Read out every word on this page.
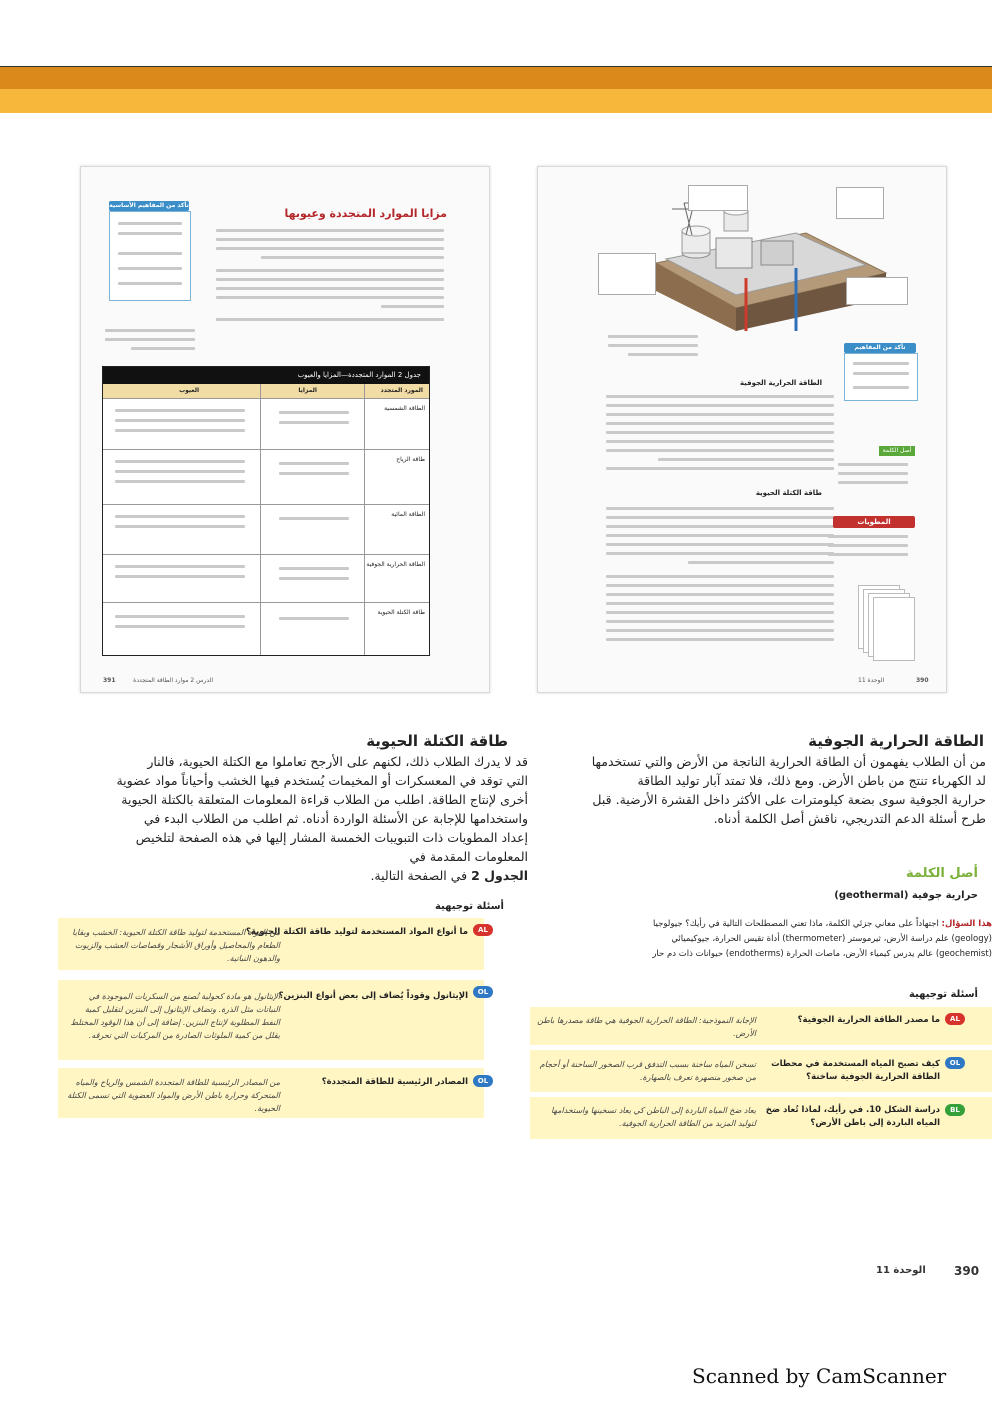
مزايا الموارد المتجددة وعيوبها
تأكد من المفاهيم الأساسية
الدرس 2 موارد الطاقة المتجددة
391
جدول 2 الموارد المتجددة—المزايا والعيوب
المورد المتجدد
المزايا
العيوب
الطاقة الشمسية
طاقة الرياح
الطاقة المائية
الطاقة الحرارية الجوفية
طاقة الكتلة الحيوية
الطاقة الحرارية الجوفية
طاقة الكتلة الحيوية
تأكد من المفاهيم
الوحدة 11	390
أصل الكلمة
المطويات
الطاقة الحرارية الجوفية
طاقة الكتلة الحيوية
من أن الطلاب يفهمون أن الطاقة الحرارية الناتجة من الأرض والتي تستخدمها
لد الكهرباء تنتج من باطن الأرض. ومع ذلك، فلا تمتد آبار توليد الطاقة
حرارية الجوفية سوى بضعة كيلومترات على الأكثر داخل القشرة الأرضية. قبل
طرح أسئلة الدعم التدريجي، ناقش أصل الكلمة أدناه.
قد لا يدرك الطلاب ذلك، لكنهم على الأرجح تعاملوا مع الكتلة الحيوية، فالنار
التي توقد في المعسكرات أو المخيمات يُستخدم فيها الخشب وأحياناً مواد عضوية
أخرى لإنتاج الطاقة. اطلب من الطلاب قراءة المعلومات المتعلقة بالكتلة الحيوية
واستخدامها للإجابة عن الأسئلة الواردة أدناه. ثم اطلب من الطلاب البدء في
إعداد المطويات ذات التبويبات الخمسة المشار إليها في هذه الصفحة لتلخيص
المعلومات المقدمة في
الجدول 2 في الصفحة التالية.	أصل الكلمة
حرارية جوفية (geothermal)
هذا السؤال: اجتهاداً على معاني جزئي الكلمة، ماذا تعني المصطلحات التالية في رأيك؟ جيولوجيا
(geology) علم دراسة الأرض، ثيرموستر (thermometer) أداة تقيس الحرارة، جيوكيميائي
(geochemist) عالم يدرس كيمياء الأرض، ماصات الحرارة (endotherms) حيوانات ذات دم حار
أسئلة توجيهية
AL
ما مصدر الطاقة الحرارية الجوفية؟
الإجابة النموذجية: الطاقة الحرارية الجوفية هي طاقة مصدرها باطن الأرض.
OL
كيف تصبح المياه المستخدمة في محطات الطاقة الحرارية الجوفية ساخنة؟
تسخن المياه ساخنة بسبب التدفق قرب الصخور الساخنة أو أحجام من صخور منصهرة تعرف بالصهارة.
BL
دراسة الشكل 10. في رأيك، لماذا تُعاد ضخ المياه الباردة إلى باطن الأرض؟
يعاد ضخ المياه الباردة إلى الباطن كي يعاد تسخينها واستخدامها لتوليد المزيد من الطاقة الحرارية الجوفية.
أسئلة توجيهية
AL
ما أنواع المواد المستخدمة لتوليد طاقة الكتلة الحيوية؟
من المواد المستخدمة لتوليد طاقة الكتلة الحيوية: الخشب وبقايا الطعام والمحاصيل وأوراق الأشجار وقصاصات العشب والزيوت والدهون النباتية.
OL
الإيثانول وقوداً يُضاف إلى بعض أنواع البنزين؟
الإيثانول هو مادة كحولية تُصنع من السكريات الموجودة في النباتات مثل الذرة. وتضاف الإيثانول إلى البنزين لتقليل كمية النفط المطلوبة لإنتاج البنزين. إضافة إلى أن هذا الوقود المختلط يقلل من كمية الملوثات الصادرة من المركبات التي تحرقه.
OL
المصادر الرئيسية للطاقة المتجددة؟
من المصادر الرئيسية للطاقة المتجددة الشمس والرياح والمياه المتحركة وحرارة باطن الأرض والمواد العضوية التي تسمى الكتلة الحيوية.
390
الوحدة 11
Scanned by CamScanner
